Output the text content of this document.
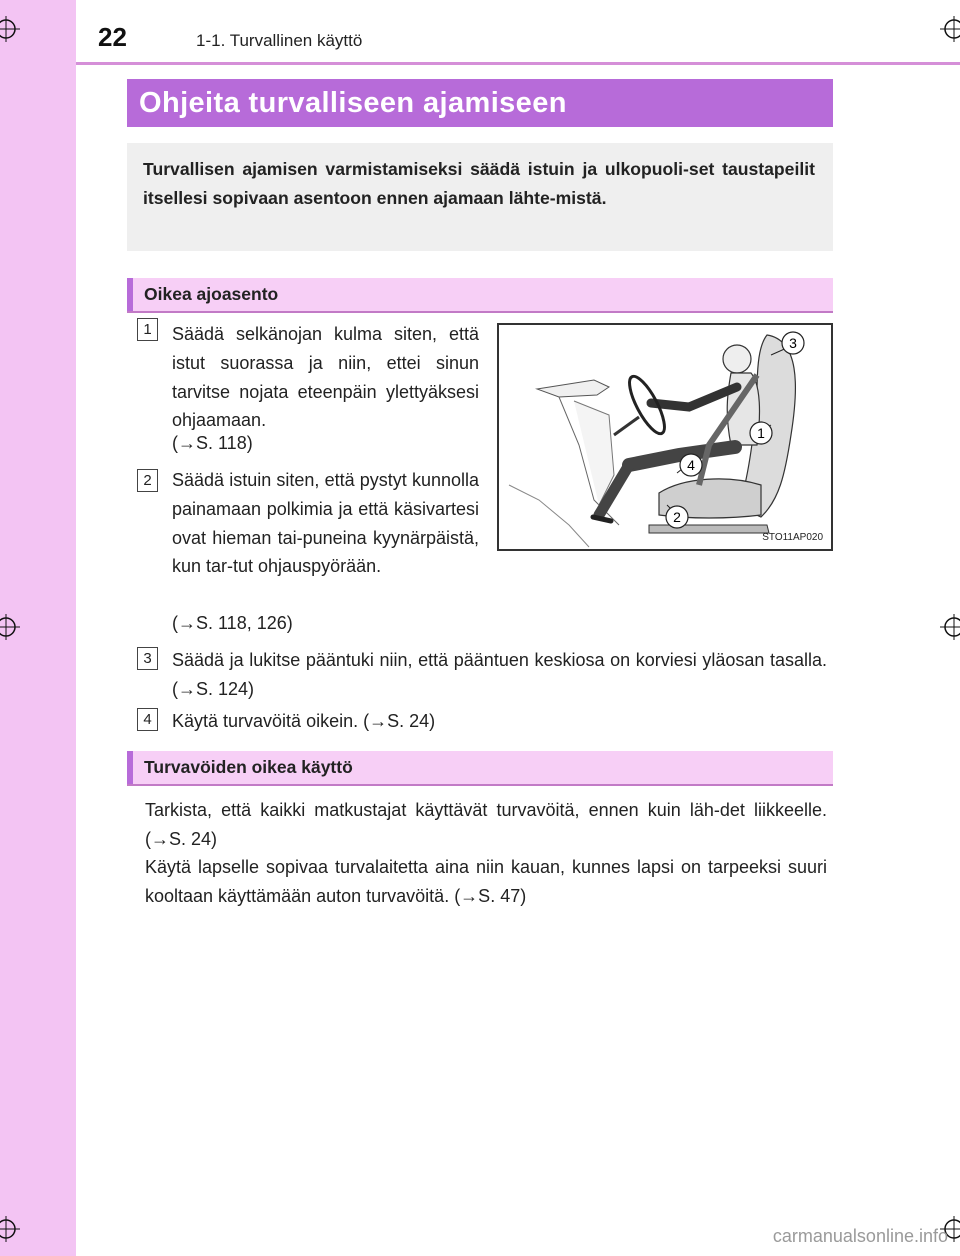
22	1-1. Turvallinen käyttö
Ohjeita turvalliseen ajamiseen
Turvallisen ajamisen varmistamiseksi säädä istuin ja ulkopuoli-set taustapeilit itsellesi sopivaan asentoon ennen ajamaan lähte-mistä.
Oikea ajoasento
1	Säädä selkänojan kulma siten, että istut suorassa ja niin, ettei sinun tarvitse nojata eteenpäin ylettyäksesi ohjaamaan.
(→S. 118)
2	Säädä istuin siten, että pystyt kunnolla painamaan polkimia ja että käsivartesi ovat hieman tai-puneina kyynärpäistä, kun tar-tut ohjauspyörään.
(→S. 118, 126)
3
1
4
2
STO11AP020
3	Säädä ja lukitse pääntuki niin, että pääntuen keskiosa on korviesi yläosan tasalla. (→S. 124)
4	Käytä turvavöitä oikein. (→S. 24)
Turvavöiden oikea käyttö
Tarkista, että kaikki matkustajat käyttävät turvavöitä, ennen kuin läh-det liikkeelle. (→S. 24)
Käytä lapselle sopivaa turvalaitetta aina niin kauan, kunnes lapsi on tarpeeksi suuri kooltaan käyttämään auton turvavöitä. (→S. 47)
carmanualsonline.info
